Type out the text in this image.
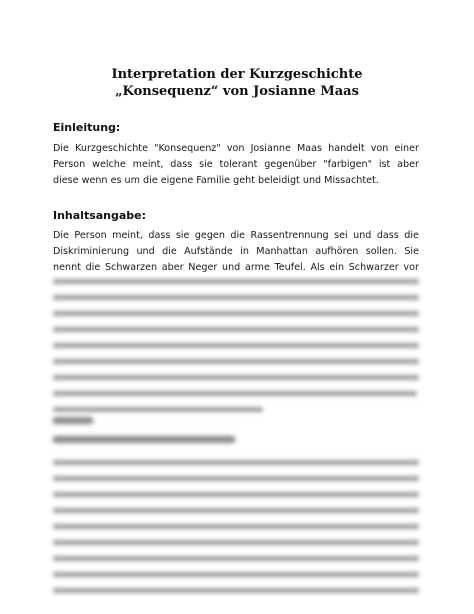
Interpretation der Kurzgeschichte
„Konsequenz“ von Josianne Maas
Einleitung:
Die Kurzgeschichte "Konsequenz" von Josianne Maas handelt von einer
Person welche meint, dass sie tolerant gegenüber "farbigen" ist aber
diese wenn es um die eigene Familie geht beleidigt und Missachtet.
Inhaltsangabe:
Die Person meint, dass sie gegen die Rassentrennung sei und dass die
Diskriminierung und die Aufstände in Manhattan aufhören sollen. Sie
nennt die Schwarzen aber Neger und arme Teufel. Als ein Schwarzer vor
